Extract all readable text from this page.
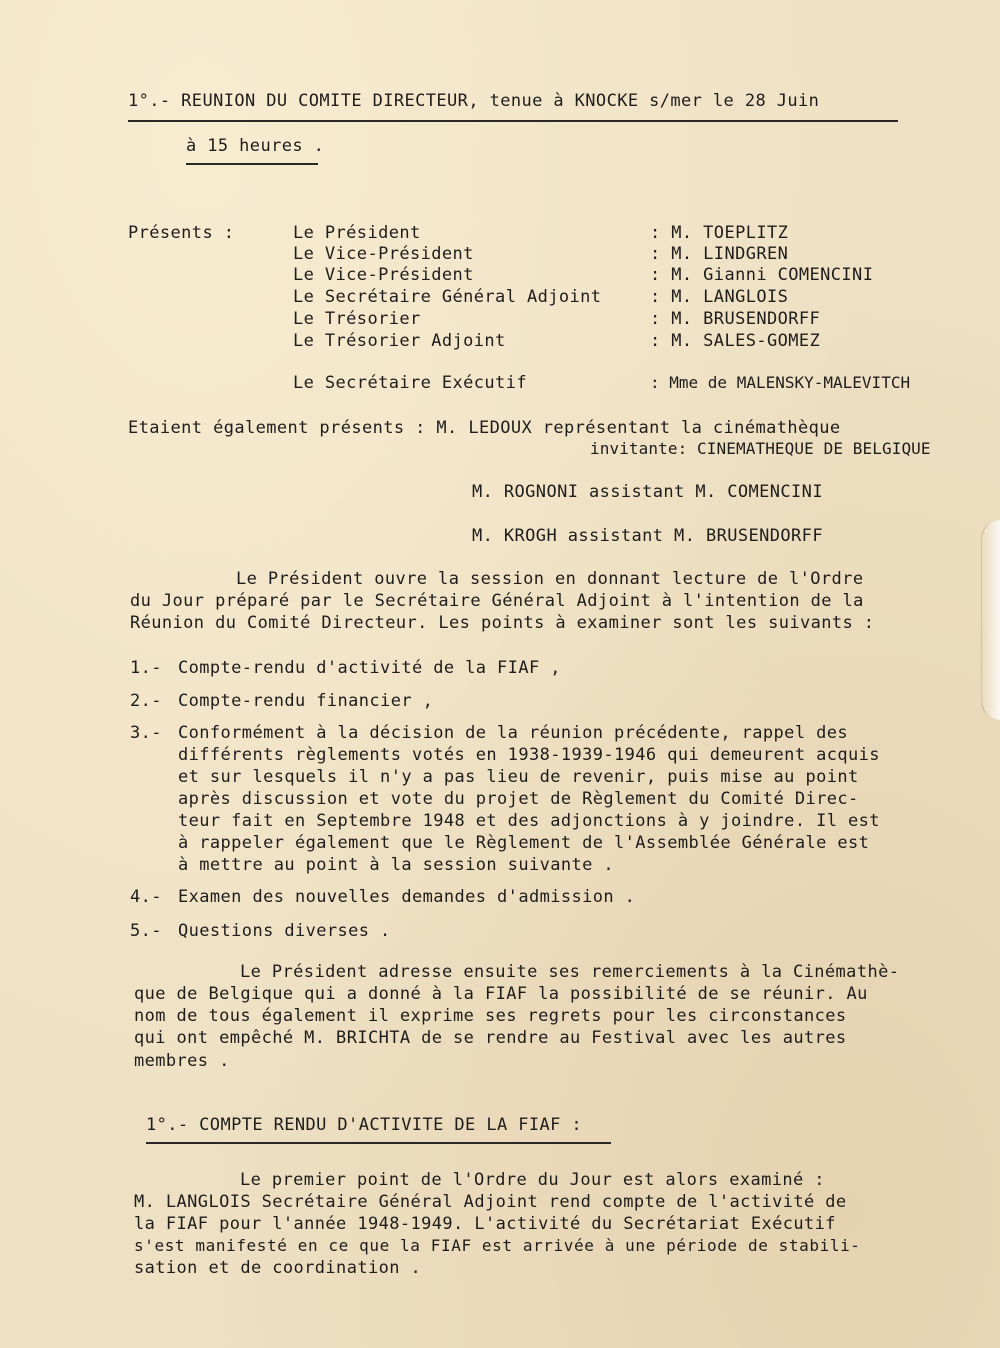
1°.- REUNION DU COMITE DIRECTEUR, tenue à KNOCKE s/mer le 28 Juin
à 15 heures .
Présents :	Le Président	: M. TOEPLITZ
Le Vice-Président	: M. LINDGREN
Le Vice-Président	: M. Gianni COMENCINI
Le Secrétaire Général Adjoint	: M. LANGLOIS
Le Trésorier	: M. BRUSENDORFF
Le Trésorier Adjoint	: M. SALES-GOMEZ
Le Secrétaire Exécutif	: Mme de MALENSKY-MALEVITCH
Etaient également présents : M. LEDOUX représentant la cinémathèque
invitante: CINEMATHEQUE DE BELGIQUE
M. ROGNONI assistant M. COMENCINI
M. KROGH assistant M. BRUSENDORFF
Le Président ouvre la session en donnant lecture de l'Ordre
du Jour préparé par le Secrétaire Général Adjoint à l'intention de la
Réunion du Comité Directeur. Les points à examiner sont les suivants :
1.- Compte-rendu d'activité de la FIAF ,
2.- Compte-rendu financier ,
3.- Conformément à la décision de la réunion précédente, rappel des
différents règlements votés en 1938-1939-1946 qui demeurent acquis
et sur lesquels il n'y a pas lieu de revenir, puis mise au point
après discussion et vote du projet de Règlement du Comité Direc-
teur fait en Septembre 1948 et des adjonctions à y joindre. Il est
à rappeler également que le Règlement de l'Assemblée Générale est
à mettre au point à la session suivante .
4.- Examen des nouvelles demandes d'admission .
5.- Questions diverses .
Le Président adresse ensuite ses remerciements à la Cinémathè-
que de Belgique qui a donné à la FIAF la possibilité de se réunir. Au
nom de tous également il exprime ses regrets pour les circonstances
qui ont empêché M. BRICHTA de se rendre au Festival avec les autres
membres .
1°.- COMPTE RENDU D'ACTIVITE DE LA FIAF :
Le premier point de l'Ordre du Jour est alors examiné :
M. LANGLOIS Secrétaire Général Adjoint rend compte de l'activité de
la FIAF pour l'année 1948-1949. L'activité du Secrétariat Exécutif
s'est manifesté en ce que la FIAF est arrivée à une période de stabili-
sation et de coordination .
